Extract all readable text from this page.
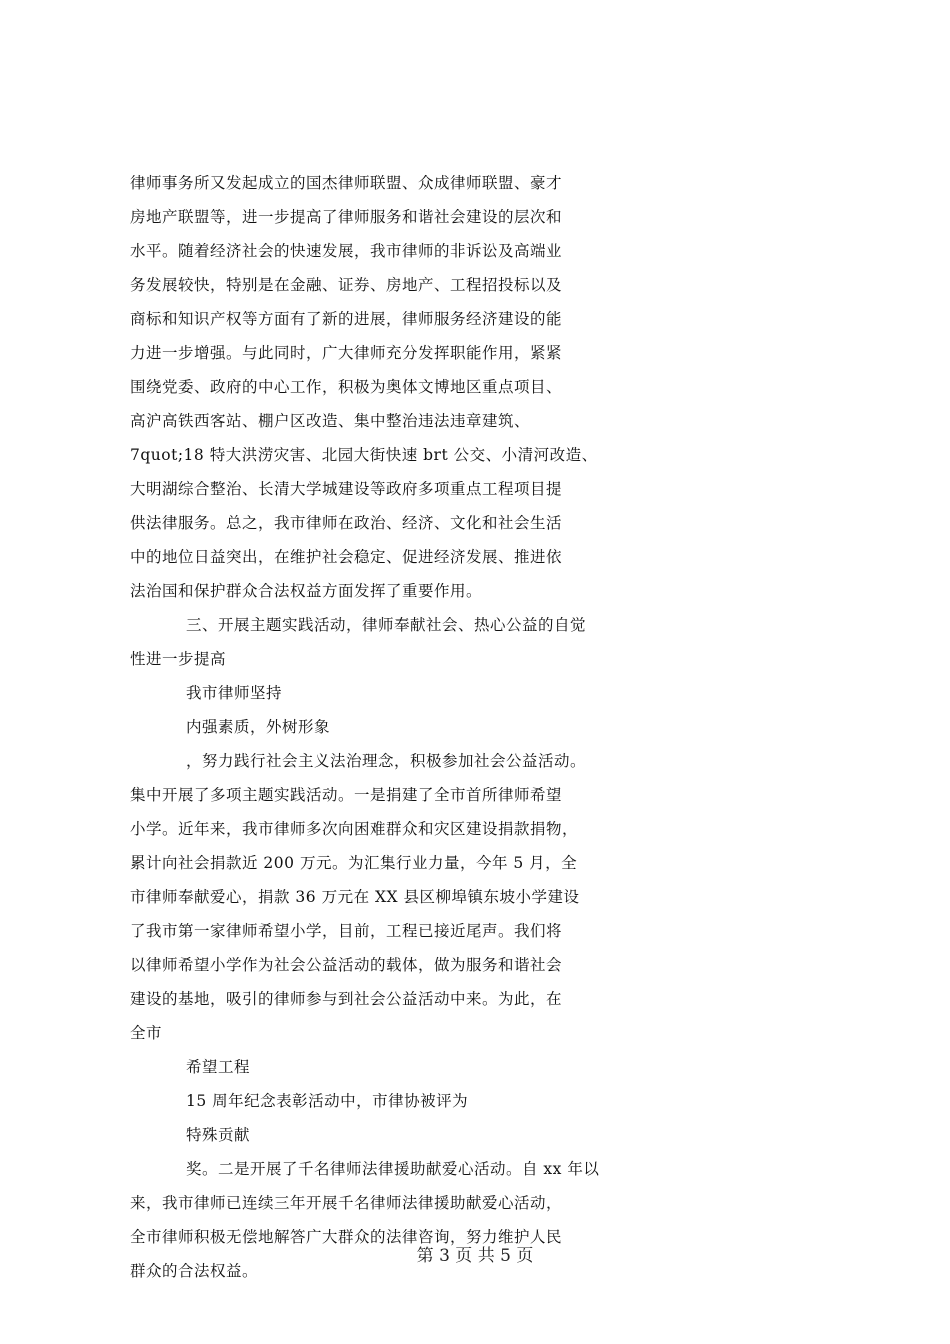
律师事务所又发起成立的国杰律师联盟、众成律师联盟、豪才
房地产联盟等，进一步提高了律师服务和谐社会建设的层次和
水平。随着经济社会的快速发展，我市律师的非诉讼及高端业
务发展较快，特别是在金融、证券、房地产、工程招投标以及
商标和知识产权等方面有了新的进展，律师服务经济建设的能
力进一步增强。与此同时，广大律师充分发挥职能作用，紧紧
围绕党委、政府的中心工作，积极为奥体文博地区重点项目、
高沪高铁西客站、棚户区改造、集中整治违法违章建筑、
7quot;18 特大洪涝灾害、北园大街快速 brt 公交、小清河改造、
大明湖综合整治、长清大学城建设等政府多项重点工程项目提
供法律服务。总之，我市律师在政治、经济、文化和社会生活
中的地位日益突出，在维护社会稳定、促进经济发展、推进依
法治国和保护群众合法权益方面发挥了重要作用。
三、开展主题实践活动，律师奉献社会、热心公益的自觉
性进一步提高
我市律师坚持
内强素质，外树形象
，努力践行社会主义法治理念，积极参加社会公益活动。
集中开展了多项主题实践活动。一是捐建了全市首所律师希望
小学。近年来，我市律师多次向困难群众和灾区建设捐款捐物，
累计向社会捐款近 200 万元。为汇集行业力量，今年 5 月，全
市律师奉献爱心，捐款 36 万元在 XX 县区柳埠镇东坡小学建设
了我市第一家律师希望小学，目前，工程已接近尾声。我们将
以律师希望小学作为社会公益活动的载体，做为服务和谐社会
建设的基地，吸引的律师参与到社会公益活动中来。为此，在
全市
希望工程
15 周年纪念表彰活动中，市律协被评为
特殊贡献
奖。二是开展了千名律师法律援助献爱心活动。自 xx 年以
来，我市律师已连续三年开展千名律师法律援助献爱心活动，
全市律师积极无偿地解答广大群众的法律咨询，努力维护人民
群众的合法权益。
第 3 页 共 5 页
